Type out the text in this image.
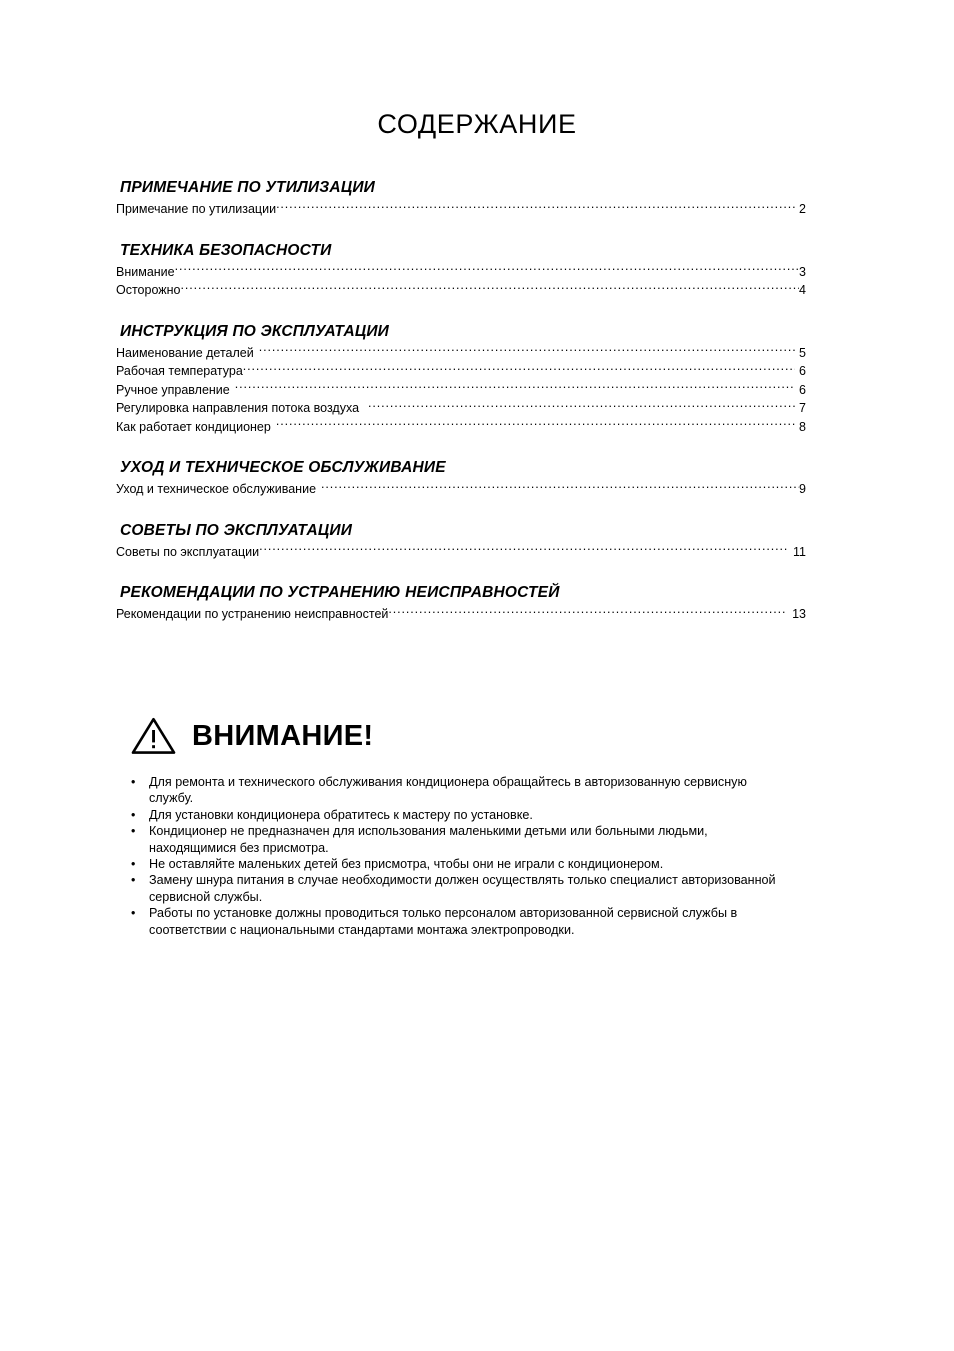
СОДЕРЖАНИЕ
ПРИМЕЧАНИЕ ПО УТИЛИЗАЦИИ
Примечание по утилизации .....	2
ТЕХНИКА БЕЗОПАСНОСТИ
Внимание .....	3
Осторожно .....	4
ИНСТРУКЦИЯ ПО ЭКСПЛУАТАЦИИ
Наименование деталей .....	5
Рабочая температура .....	6
Ручное управление .....	6
Регулировка направления потока воздуха .....	7
Как работает кондиционер .....	8
УХОД И ТЕХНИЧЕСКОЕ ОБСЛУЖИВАНИЕ
Уход и техническое обслуживание .....	9
СОВЕТЫ ПО ЭКСПЛУАТАЦИИ
Советы по эксплуатации .....	11
РЕКОМЕНДАЦИИ ПО УСТРАНЕНИЮ НЕИСПРАВНОСТЕЙ
Рекомендации по устранению неисправностей .....	13
ВНИМАНИЕ!
•	Для ремонта и технического обслуживания кондиционера обращайтесь в авторизованную сервисную службу.
•	Для установки кондиционера обратитесь к мастеру по установке.
•	Кондиционер не предназначен для использования маленькими детьми или больными людьми, находящимися без присмотра.
•	Не оставляйте маленьких детей без присмотра, чтобы они не играли с кондиционером.
•	Замену шнура питания в случае необходимости должен осуществлять только специалист авторизованной сервисной службы.
•	Работы по установке должны проводиться только персоналом авторизованной сервисной службы в соответствии с национальными стандартами монтажа электропроводки.
